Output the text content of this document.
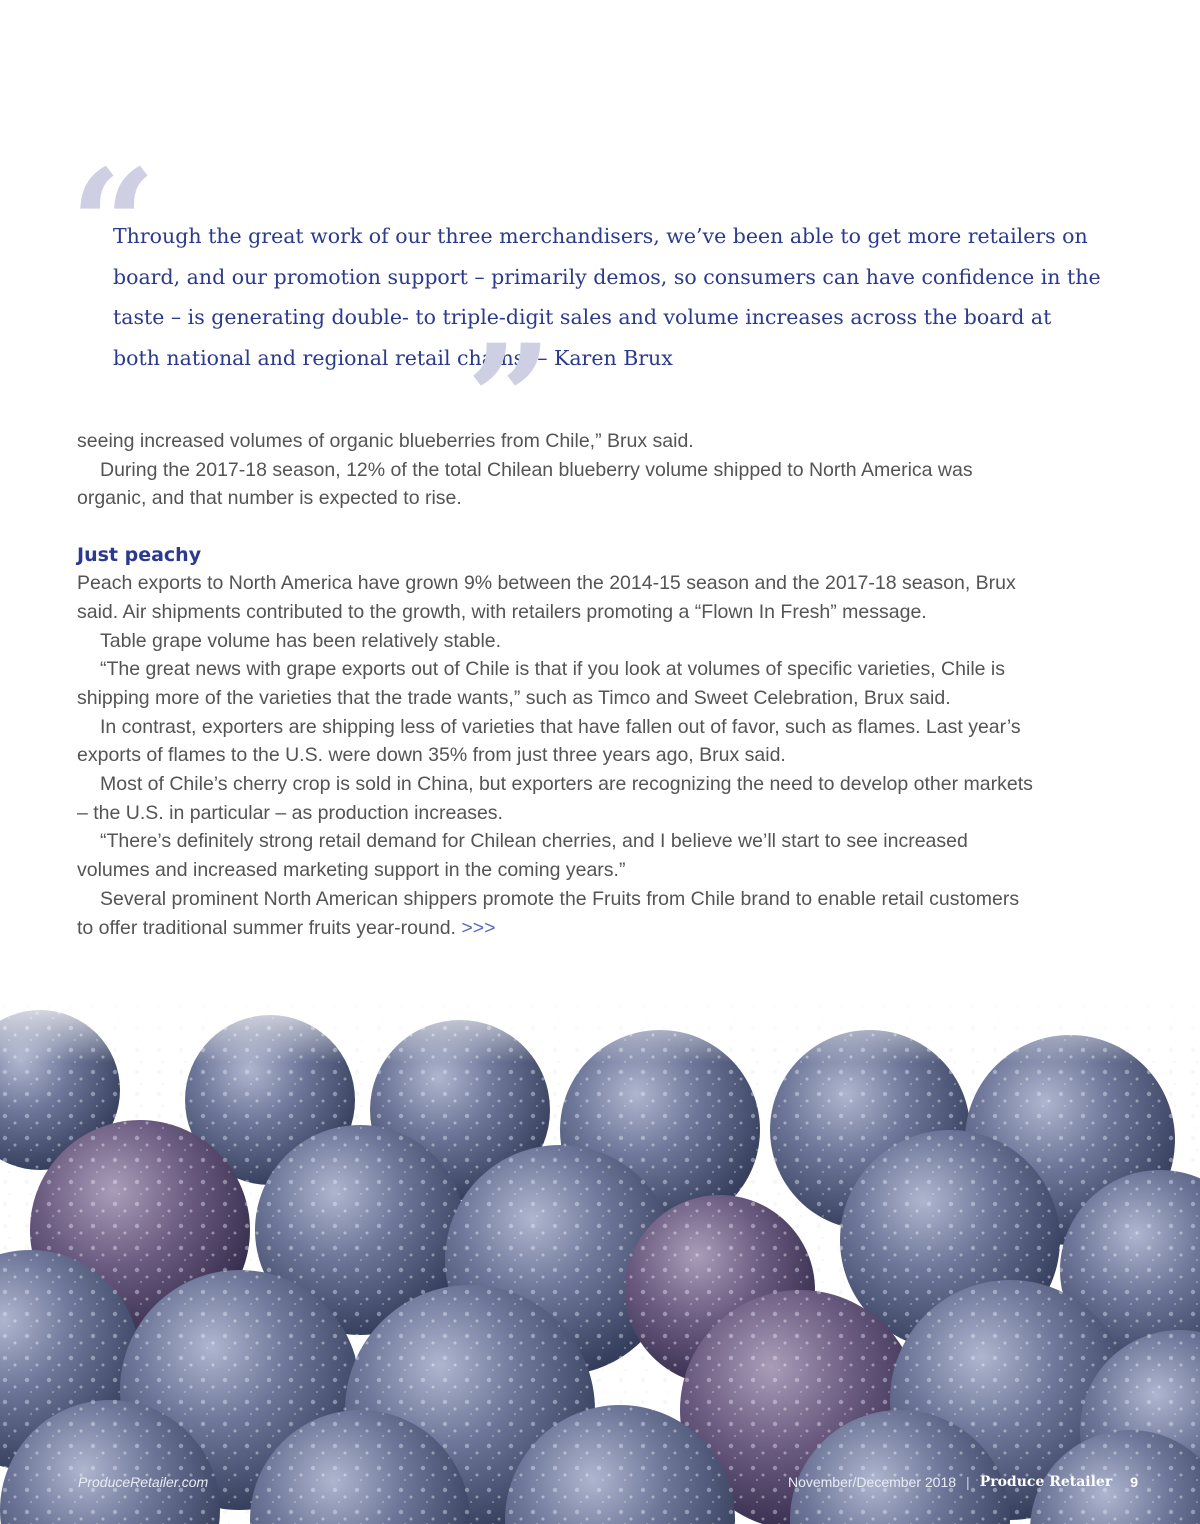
“
Through the great work of our three merchandisers, we’ve been able to get more retailers on board, and our promotion support – primarily demos, so consumers can have confidence in the taste – is generating double- to triple-digit sales and volume increases across the board at both national and regional retail chains. – Karen Brux
”

seeing increased volumes of organic blueberries from Chile,” Brux said.

During the 2017-18 season, 12% of the total Chilean blueberry volume shipped to North America was organic, and that number is expected to rise.

Just peachy

Peach exports to North America have grown 9% between the 2014-15 season and the 2017-18 season, Brux said. Air shipments contributed to the growth, with retailers promoting a “Flown In Fresh” message.

Table grape volume has been relatively stable.

“The great news with grape exports out of Chile is that if you look at volumes of specific varieties, Chile is shipping more of the varieties that the trade wants,” such as Timco and Sweet Celebration, Brux said.

In contrast, exporters are shipping less of varieties that have fallen out of favor, such as flames. Last year’s exports of flames to the U.S. were down 35% from just three years ago, Brux said.

Most of Chile’s cherry crop is sold in China, but exporters are recognizing the need to develop other markets – the U.S. in particular – as production increases.

“There’s definitely strong retail demand for Chilean cherries, and I believe we’ll start to see increased volumes and increased marketing support in the coming years.”

Several prominent North American shippers promote the Fruits from Chile brand to enable retail customers to offer traditional summer fruits year-round. >>>

ProduceRetailer.com	November/December 2018 | Produce Retailer 9
